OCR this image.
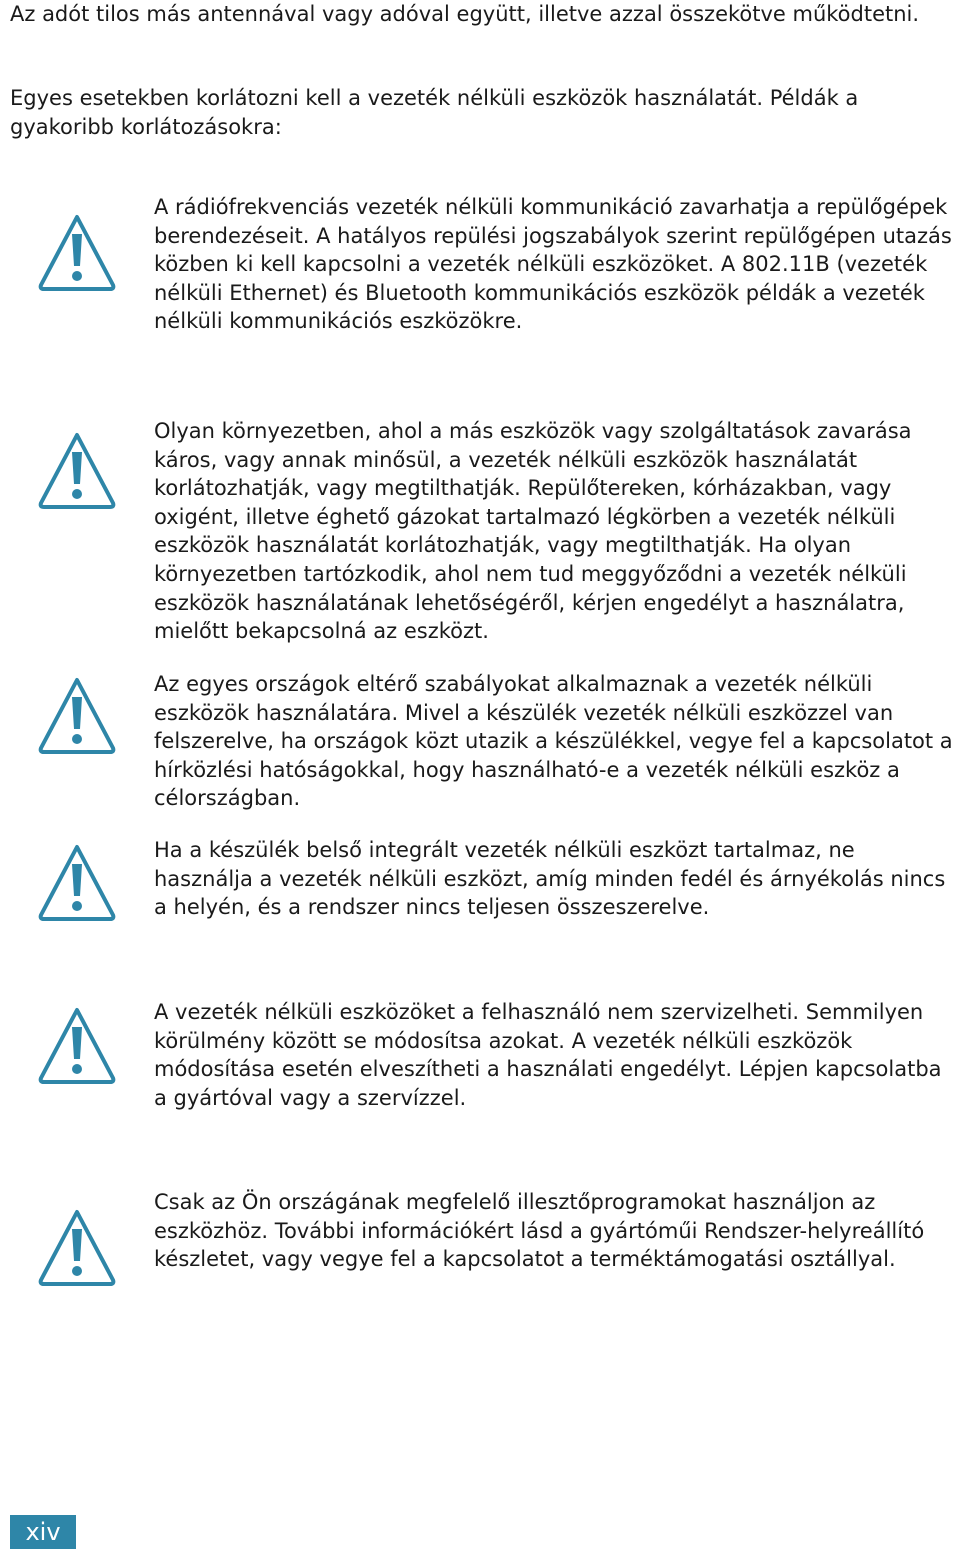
Az adót tilos más antennával vagy adóval együtt, illetve azzal összekötve működtetni.

Egyes esetekben korlátozni kell a vezeték nélküli eszközök használatát. Példák a gyakoribb korlátozásokra:

A rádiófrekvenciás vezeték nélküli kommunikáció zavarhatja a repülőgépek berendezéseit. A hatályos repülési jogszabályok szerint repülőgépen utazás közben ki kell kapcsolni a vezeték nélküli eszközöket. A 802.11B (vezeték nélküli Ethernet) és Bluetooth kommunikációs eszközök példák a vezeték nélküli kommunikációs eszközökre.

Olyan környezetben, ahol a más eszközök vagy szolgáltatások zavarása káros, vagy annak minősül, a vezeték nélküli eszközök használatát korlátozhatják, vagy megtilthatják. Repülőtereken, kórházakban, vagy oxigént, illetve éghető gázokat tartalmazó légkörben a vezeték nélküli eszközök használatát korlátozhatják, vagy megtilthatják. Ha olyan környezetben tartózkodik, ahol nem tud meggyőződni a vezeték nélküli eszközök használatának lehetőségéről, kérjen engedélyt a használatra, mielőtt bekapcsolná az eszközt.

Az egyes országok eltérő szabályokat alkalmaznak a vezeték nélküli eszközök használatára. Mivel a készülék vezeték nélküli eszközzel van felszerelve, ha országok közt utazik a készülékkel, vegye fel a kapcsolatot a hírközlési hatóságokkal, hogy használható-e a vezeték nélküli eszköz a célországban.

Ha a készülék belső integrált vezeték nélküli eszközt tartalmaz, ne használja a vezeték nélküli eszközt, amíg minden fedél és árnyékolás nincs a helyén, és a rendszer nincs teljesen összeszerelve.

A vezeték nélküli eszközöket a felhasználó nem szervizelheti. Semmilyen körülmény között se módosítsa azokat. A vezeték nélküli eszközök módosítása esetén elveszítheti a használati engedélyt. Lépjen kapcsolatba a gyártóval vagy a szervízzel.

Csak az Ön országának megfelelő illesztőprogramokat használjon az eszközhöz. További információkért lásd a gyártóműi Rendszer-helyreállító készletet, vagy vegye fel a kapcsolatot a terméktámogatási osztállyal.

xiv
